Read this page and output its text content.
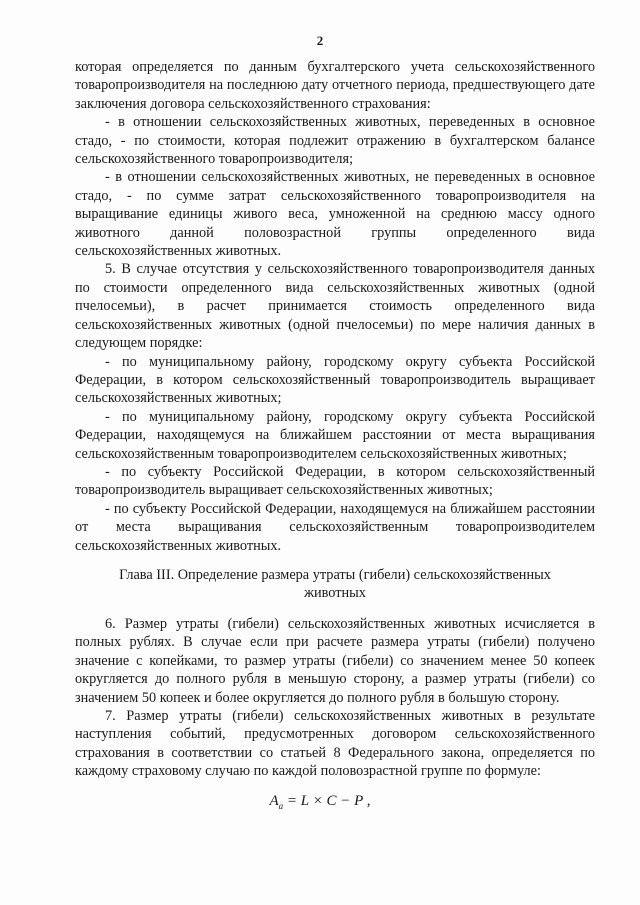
2

которая определяется по данным бухгалтерского учета сельскохозяйственного товаропроизводителя на последнюю дату отчетного периода, предшествующего дате заключения договора сельскохозяйственного страхования:

- в отношении сельскохозяйственных животных, переведенных в основное стадо, - по стоимости, которая подлежит отражению в бухгалтерском балансе сельскохозяйственного товаропроизводителя;

- в отношении сельскохозяйственных животных, не переведенных в основное стадо, - по сумме затрат сельскохозяйственного товаропроизводителя на выращивание единицы живого веса, умноженной на среднюю массу одного животного данной половозрастной группы определенного вида сельскохозяйственных животных.

5. В случае отсутствия у сельскохозяйственного товаропроизводителя данных по стоимости определенного вида сельскохозяйственных животных (одной пчелосемьи), в расчет принимается стоимость определенного вида сельскохозяйственных животных (одной пчелосемьи) по мере наличия данных в следующем порядке:

- по муниципальному району, городскому округу субъекта Российской Федерации, в котором сельскохозяйственный товаропроизводитель выращивает сельскохозяйственных животных;

- по муниципальному району, городскому округу субъекта Российской Федерации, находящемуся на ближайшем расстоянии от места выращивания сельскохозяйственным товаропроизводителем сельскохозяйственных животных;

- по субъекту Российской Федерации, в котором сельскохозяйственный товаропроизводитель выращивает сельскохозяйственных животных;

- по субъекту Российской Федерации, находящемуся на ближайшем расстоянии от места выращивания сельскохозяйственным товаропроизводителем сельскохозяйственных животных.

Глава III. Определение размера утраты (гибели) сельскохозяйственных животных

6. Размер утраты (гибели) сельскохозяйственных животных исчисляется в полных рублях. В случае если при расчете размера утраты (гибели) получено значение с копейками, то размер утраты (гибели) со значением менее 50 копеек округляется до полного рубля в меньшую сторону, а размер утраты (гибели) со значением 50 копеек и более округляется до полного рубля в большую сторону.

7. Размер утраты (гибели) сельскохозяйственных животных в результате наступления событий, предусмотренных договором сельскохозяйственного страхования в соответствии со статьей 8 Федерального закона, определяется по каждому страховому случаю по каждой половозрастной группе по формуле:

$A_a = L \times C - P$ ,
